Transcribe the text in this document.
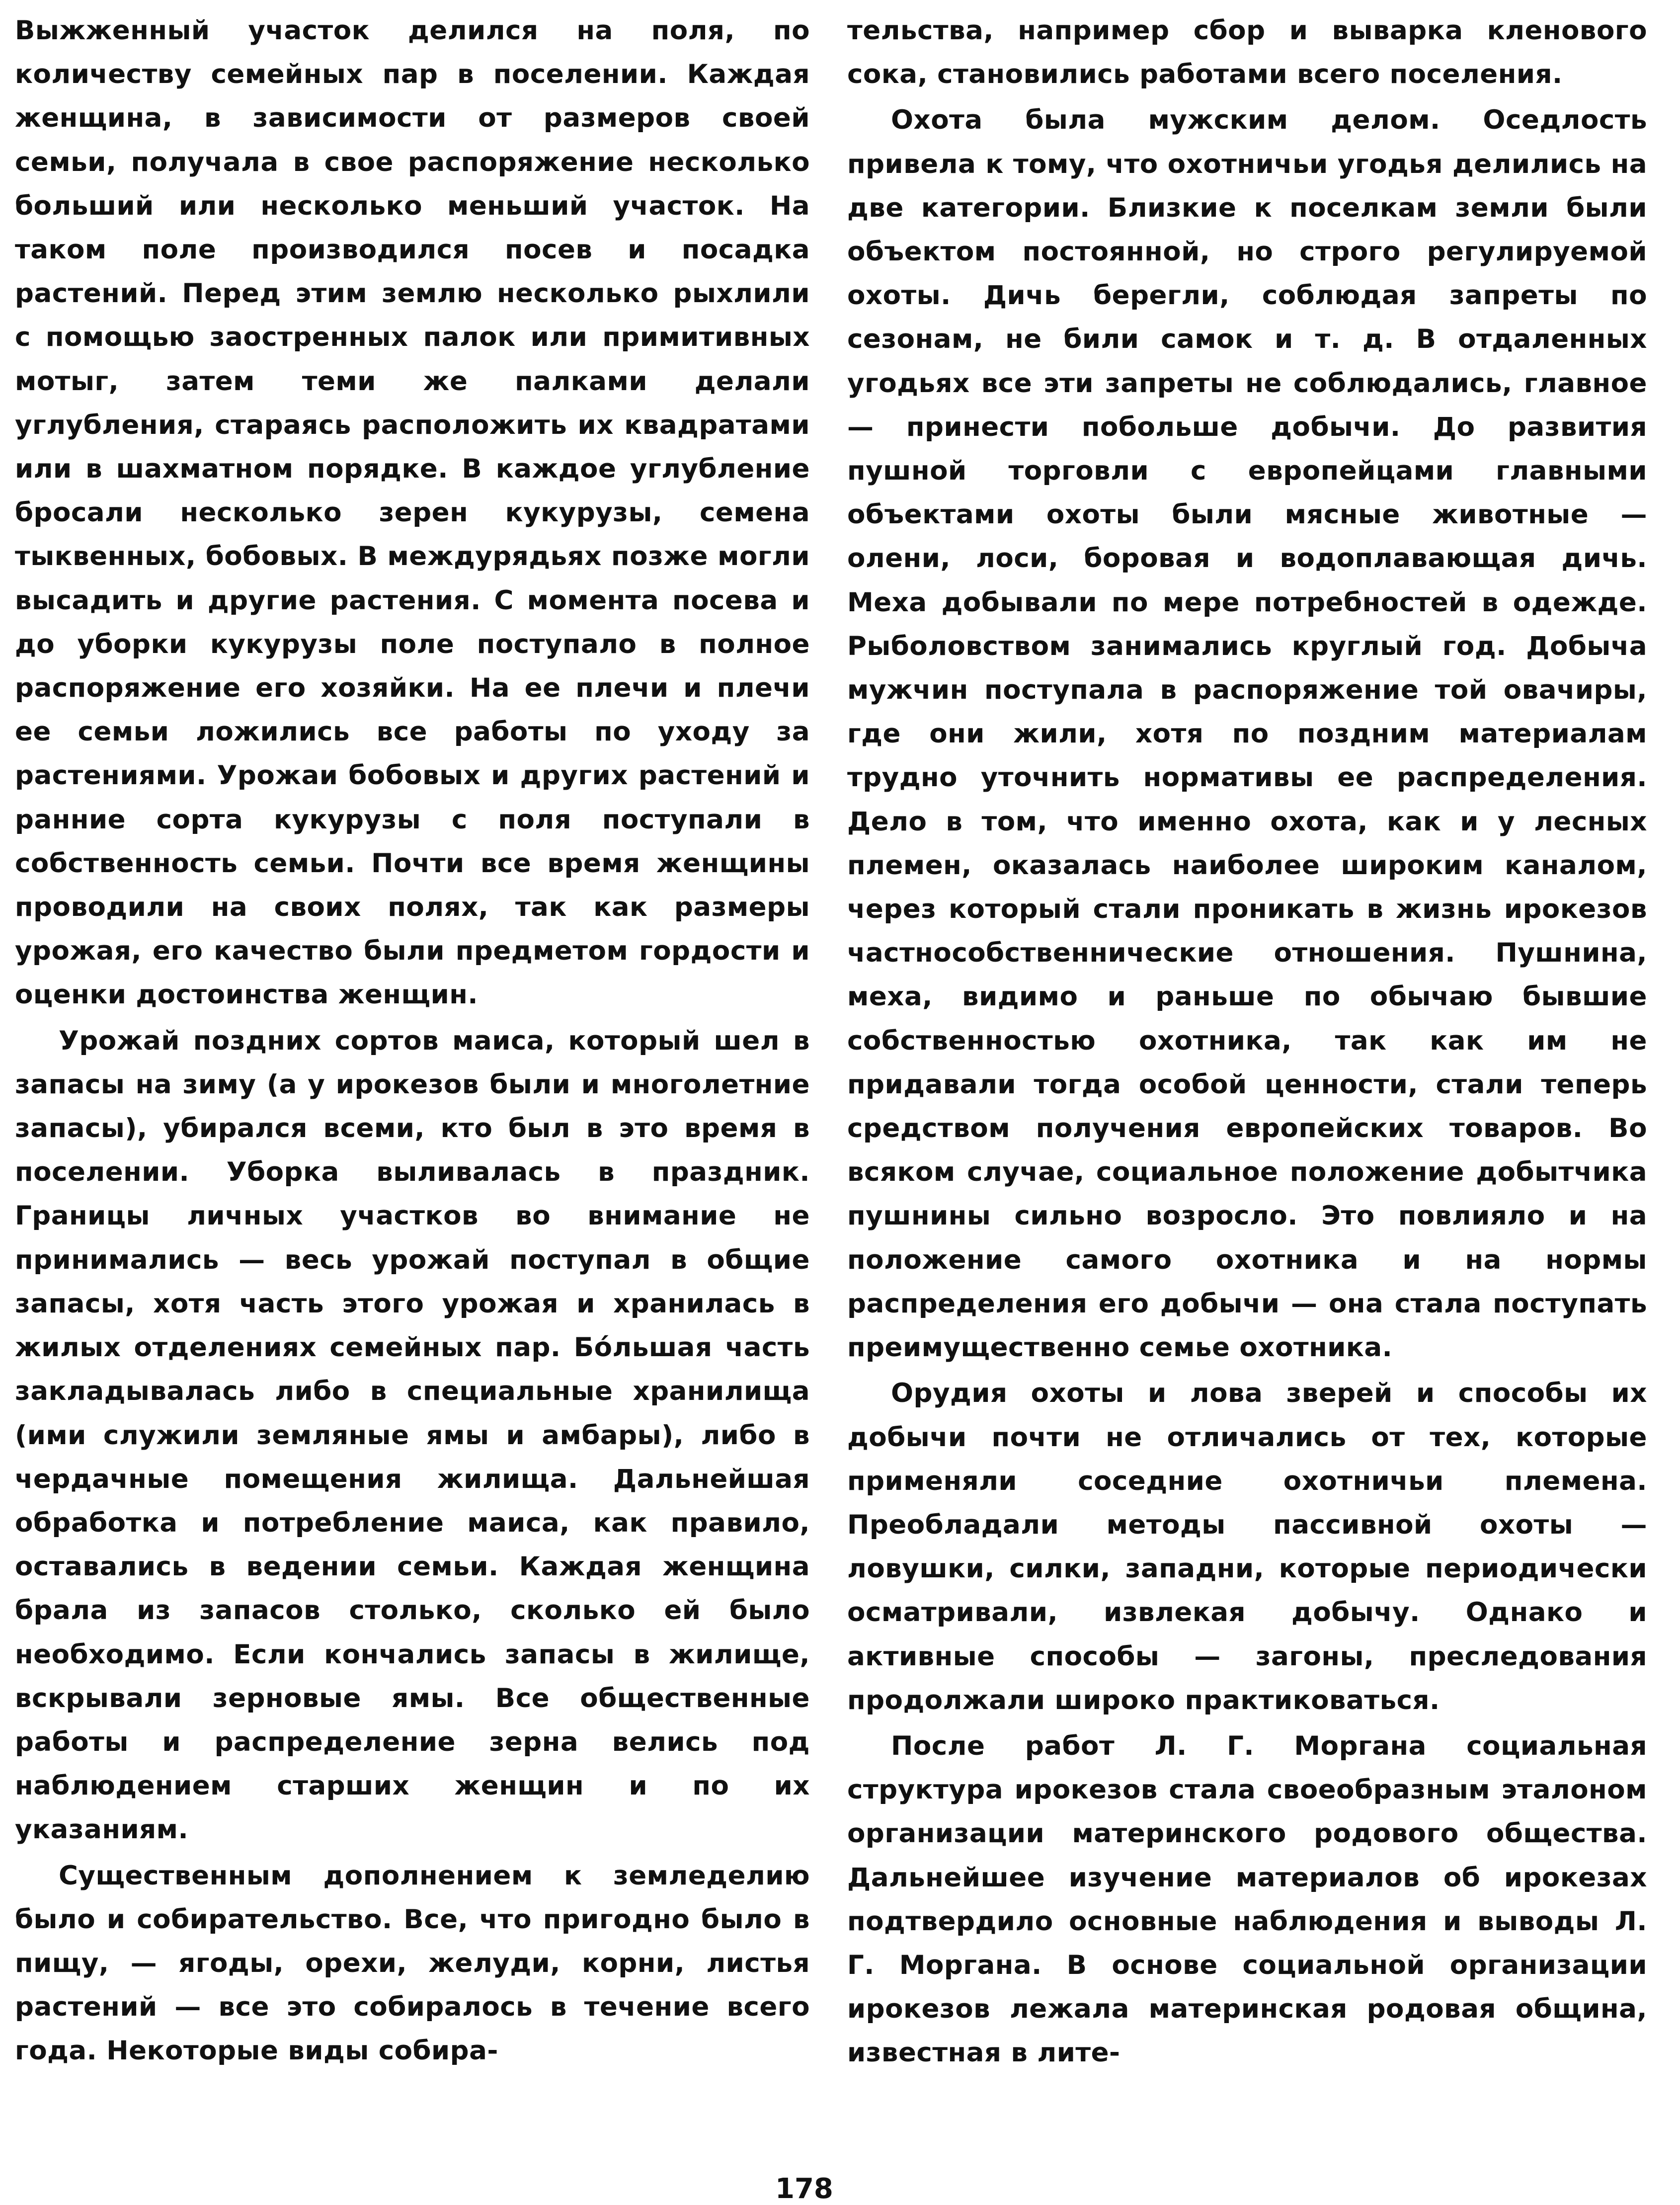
Выжженный участок делился на поля, по количеству семейных пар в поселении. Каждая женщина, в зависимости от размеров своей семьи, получала в свое распоряжение несколько больший или несколько меньший участок. На таком поле производился посев и посадка растений. Перед этим землю несколько рыхлили с помощью заостренных палок или примитивных мотыг, затем теми же палками делали углубления, стараясь расположить их квадратами или в шахматном порядке. В каждое углубление бросали несколько зерен кукурузы, семена тыквенных, бобовых. В междурядьях позже могли высадить и другие растения. С момента посева и до уборки кукурузы поле поступало в полное распоряжение его хозяйки. На ее плечи и плечи ее семьи ложились все работы по уходу за растениями. Урожаи бобовых и других растений и ранние сорта кукурузы с поля поступали в собственность семьи. Почти все время женщины проводили на своих полях, так как размеры урожая, его качество были предметом гордости и оценки достоинства женщин.

Урожай поздних сортов маиса, который шел в запасы на зиму (а у ирокезов были и многолетние запасы), убирался всеми, кто был в это время в поселении. Уборка выливалась в праздник. Границы личных участков во внимание не принимались — весь урожай поступал в общие запасы, хотя часть этого урожая и хранилась в жилых отделениях семейных пар. Бо́льшая часть закладывалась либо в специальные хранилища (ими служили земляные ямы и амбары), либо в чердачные помещения жилища. Дальнейшая обработка и потребление маиса, как правило, оставались в ведении семьи. Каждая женщина брала из запасов столько, сколько ей было необходимо. Если кончались запасы в жилище, вскрывали зерновые ямы. Все общественные работы и распределение зерна велись под наблюдением старших женщин и по их указаниям.

Существенным дополнением к земледелию было и собирательство. Все, что пригодно было в пищу, — ягоды, орехи, желуди, корни, листья растений — все это собиралось в течение всего года. Некоторые виды собира-

тельства, например сбор и выварка кленового сока, становились работами всего поселения.

Охота была мужским делом. Оседлость привела к тому, что охотничьи угодья делились на две категории. Близкие к поселкам земли были объектом постоянной, но строго регулируемой охоты. Дичь берегли, соблюдая запреты по сезонам, не били самок и т. д. В отдаленных угодьях все эти запреты не соблюдались, главное — принести побольше добычи. До развития пушной торговли с европейцами главными объектами охоты были мясные животные — олени, лоси, боровая и водоплавающая дичь. Меха добывали по мере потребностей в одежде. Рыболовством занимались круглый год. Добыча мужчин поступала в распоряжение той овачиры, где они жили, хотя по поздним материалам трудно уточнить нормативы ее распределения. Дело в том, что именно охота, как и у лесных племен, оказалась наиболее широким каналом, через который стали проникать в жизнь ирокезов частнособственнические отношения. Пушнина, меха, видимо и раньше по обычаю бывшие собственностью охотника, так как им не придавали тогда особой ценности, стали теперь средством получения европейских товаров. Во всяком случае, социальное положение добытчика пушнины сильно возросло. Это повлияло и на положение самого охотника и на нормы распределения его добычи — она стала поступать преимущественно семье охотника.

Орудия охоты и лова зверей и способы их добычи почти не отличались от тех, которые применяли соседние охотничьи племена. Преобладали методы пассивной охоты — ловушки, силки, западни, которые периодически осматривали, извлекая добычу. Однако и активные способы — загоны, преследования продолжали широко практиковаться.

После работ Л. Г. Моргана социальная структура ирокезов стала своеобразным эталоном организации материнского родового общества. Дальнейшее изучение материалов об ирокезах подтвердило основные наблюдения и выводы Л. Г. Моргана. В основе социальной организации ирокезов лежала материнская родовая община, известная в лите-

178
